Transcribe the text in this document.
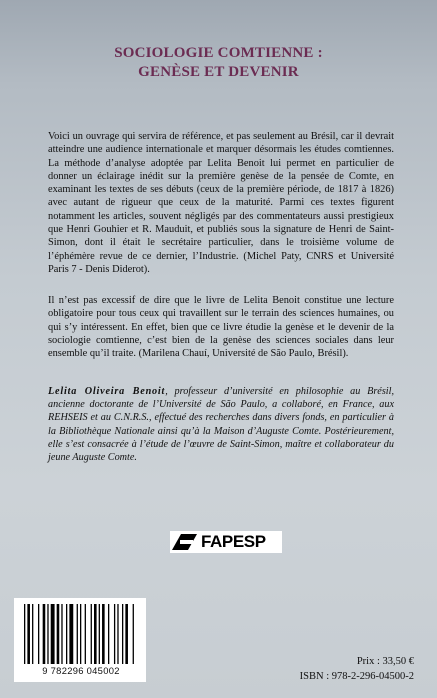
SOCIOLOGIE COMTIENNE :
GENÈSE ET DEVENIR

Voici un ouvrage qui servira de référence, et pas seulement au Brésil, car il devrait atteindre une audience internationale et marquer désormais les études comtiennes. La méthode d’analyse adoptée par Lelita Benoit lui permet en particulier de donner un éclairage inédit sur la première genèse de la pensée de Comte, en examinant les textes de ses débuts (ceux de la première période, de 1817 à 1826) avec autant de rigueur que ceux de la maturité. Parmi ces textes figurent notamment les articles, souvent négligés par des commentateurs aussi prestigieux que Henri Gouhier et R. Mauduit, et publiés sous la signature de Henri de Saint-Simon, dont il était le secrétaire particulier, dans le troisième volume de l’éphémère revue de ce dernier, l’Industrie. (Michel Paty, CNRS et Université Paris 7 - Denis Diderot).

Il n’est pas excessif de dire que le livre de Lelita Benoit constitue une lecture obligatoire pour tous ceux qui travaillent sur le terrain des sciences humaines, ou qui s’y intéressent. En effet, bien que ce livre étudie la genèse et le devenir de la sociologie comtienne, c’est bien de la genèse des sciences sociales dans leur ensemble qu’il traite. (Marilena Chauí, Université de São Paulo, Brésil).

Lelita Oliveira Benoit, professeur d’université en philosophie au Brésil, ancienne doctorante de l’Université de São Paulo, a collaboré, en France, aux REHSEIS et au C.N.R.S., effectué des recherches dans divers fonds, en particulier à la Bibliothèque Nationale ainsi qu’à la Maison d’Auguste Comte. Postérieurement, elle s’est consacrée à l’étude de l’œuvre de Saint-Simon, maître et collaborateur du jeune Auguste Comte.

FAPESP
9 782296 045002
Prix : 33,50 €
ISBN : 978-2-296-04500-2
